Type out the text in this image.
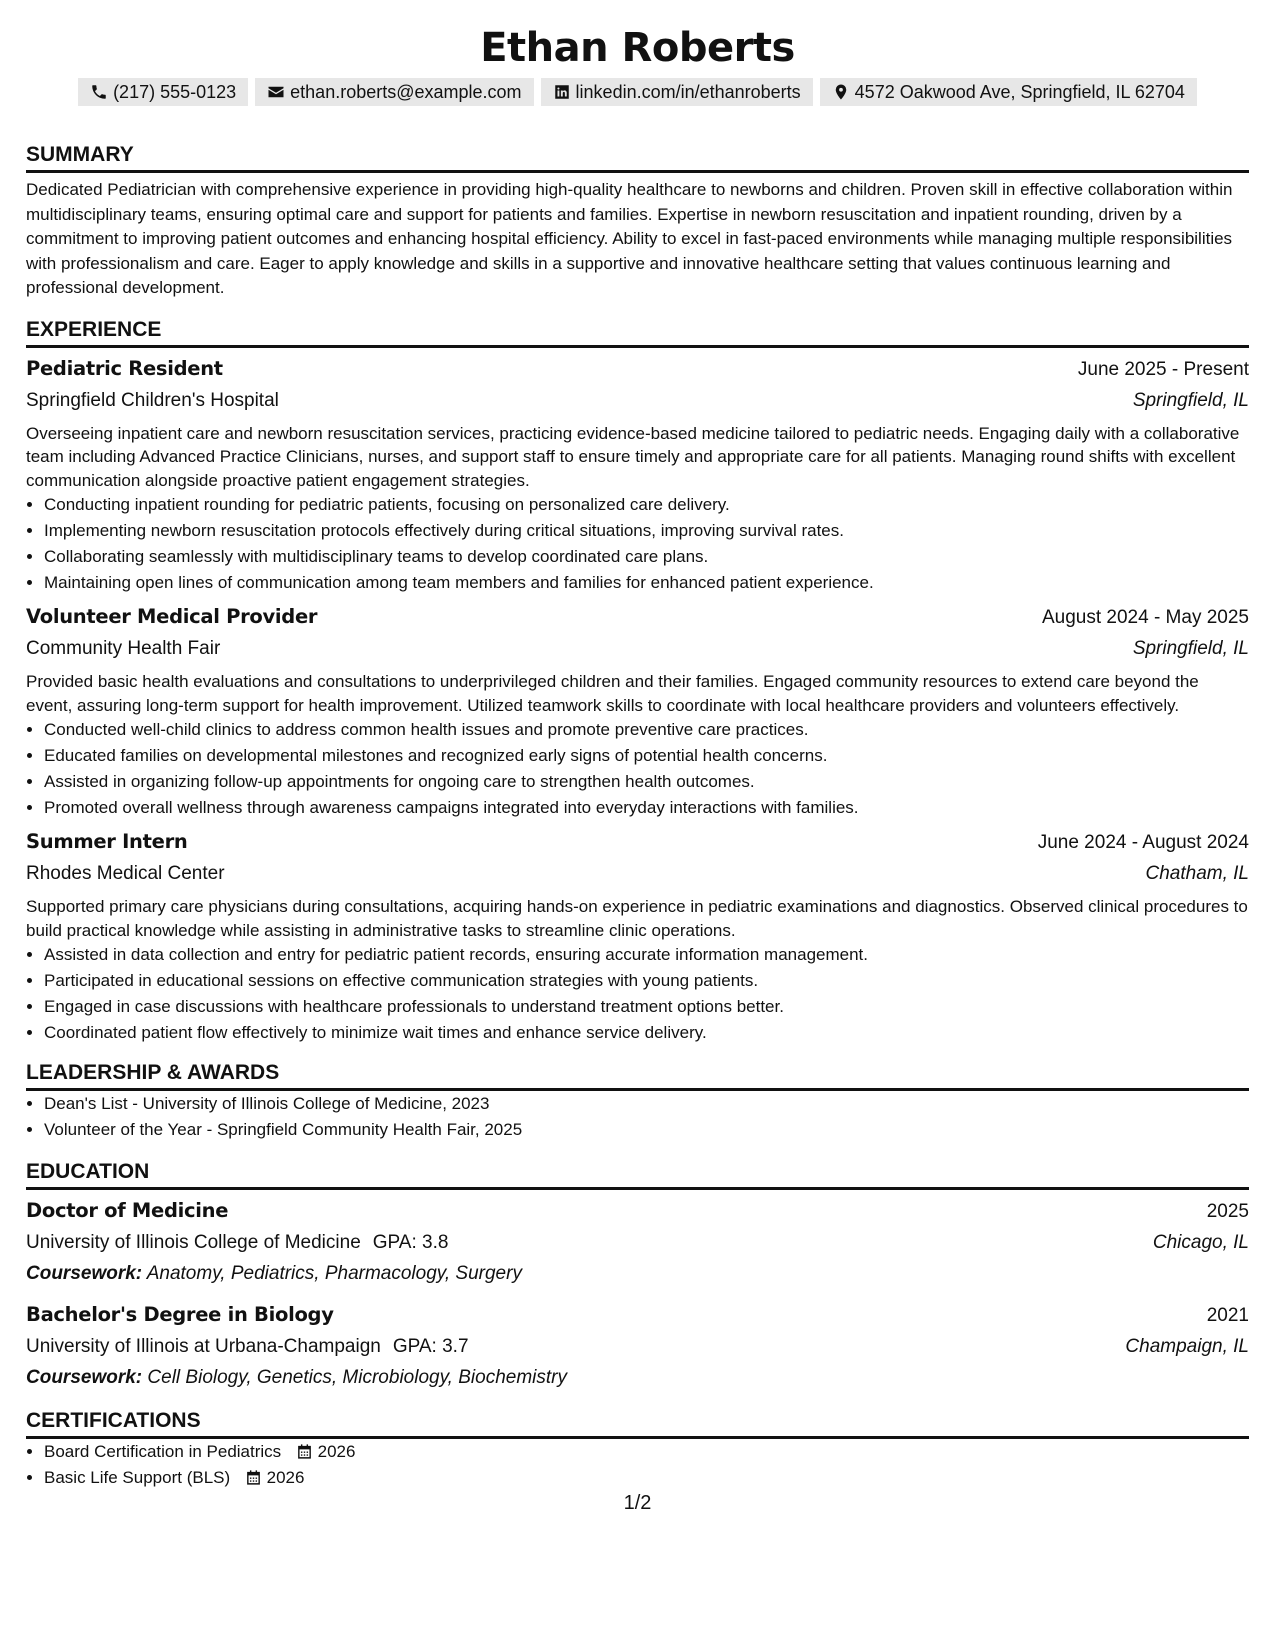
Ethan Roberts
(217) 555-0123	ethan.roberts@example.com	linkedin.com/in/ethanroberts	4572 Oakwood Ave, Springfield, IL 62704
SUMMARY
Dedicated Pediatrician with comprehensive experience in providing high-quality healthcare to newborns and children. Proven skill in effective collaboration within multidisciplinary teams, ensuring optimal care and support for patients and families. Expertise in newborn resuscitation and inpatient rounding, driven by a commitment to improving patient outcomes and enhancing hospital efficiency. Ability to excel in fast-paced environments while managing multiple responsibilities with professionalism and care. Eager to apply knowledge and skills in a supportive and innovative healthcare setting that values continuous learning and professional development.
EXPERIENCE
Pediatric Resident	June 2025 - Present
Springfield Children's Hospital	Springfield, IL
Overseeing inpatient care and newborn resuscitation services, practicing evidence-based medicine tailored to pediatric needs. Engaging daily with a collaborative team including Advanced Practice Clinicians, nurses, and support staff to ensure timely and appropriate care for all patients. Managing round shifts with excellent communication alongside proactive patient engagement strategies.
• Conducting inpatient rounding for pediatric patients, focusing on personalized care delivery.
• Implementing newborn resuscitation protocols effectively during critical situations, improving survival rates.
• Collaborating seamlessly with multidisciplinary teams to develop coordinated care plans.
• Maintaining open lines of communication among team members and families for enhanced patient experience.
Volunteer Medical Provider	August 2024 - May 2025
Community Health Fair	Springfield, IL
Provided basic health evaluations and consultations to underprivileged children and their families. Engaged community resources to extend care beyond the event, assuring long-term support for health improvement. Utilized teamwork skills to coordinate with local healthcare providers and volunteers effectively.
• Conducted well-child clinics to address common health issues and promote preventive care practices.
• Educated families on developmental milestones and recognized early signs of potential health concerns.
• Assisted in organizing follow-up appointments for ongoing care to strengthen health outcomes.
• Promoted overall wellness through awareness campaigns integrated into everyday interactions with families.
Summer Intern	June 2024 - August 2024
Rhodes Medical Center	Chatham, IL
Supported primary care physicians during consultations, acquiring hands-on experience in pediatric examinations and diagnostics. Observed clinical procedures to build practical knowledge while assisting in administrative tasks to streamline clinic operations.
• Assisted in data collection and entry for pediatric patient records, ensuring accurate information management.
• Participated in educational sessions on effective communication strategies with young patients.
• Engaged in case discussions with healthcare professionals to understand treatment options better.
• Coordinated patient flow effectively to minimize wait times and enhance service delivery.
LEADERSHIP & AWARDS
• Dean's List - University of Illinois College of Medicine, 2023
• Volunteer of the Year - Springfield Community Health Fair, 2025
EDUCATION
Doctor of Medicine	2025
University of Illinois College of Medicine GPA: 3.8	Chicago, IL
Coursework: Anatomy, Pediatrics, Pharmacology, Surgery
Bachelor's Degree in Biology	2021
University of Illinois at Urbana-Champaign GPA: 3.7	Champaign, IL
Coursework: Cell Biology, Genetics, Microbiology, Biochemistry
CERTIFICATIONS
• Board Certification in Pediatrics 2026
• Basic Life Support (BLS) 2026
1/2
